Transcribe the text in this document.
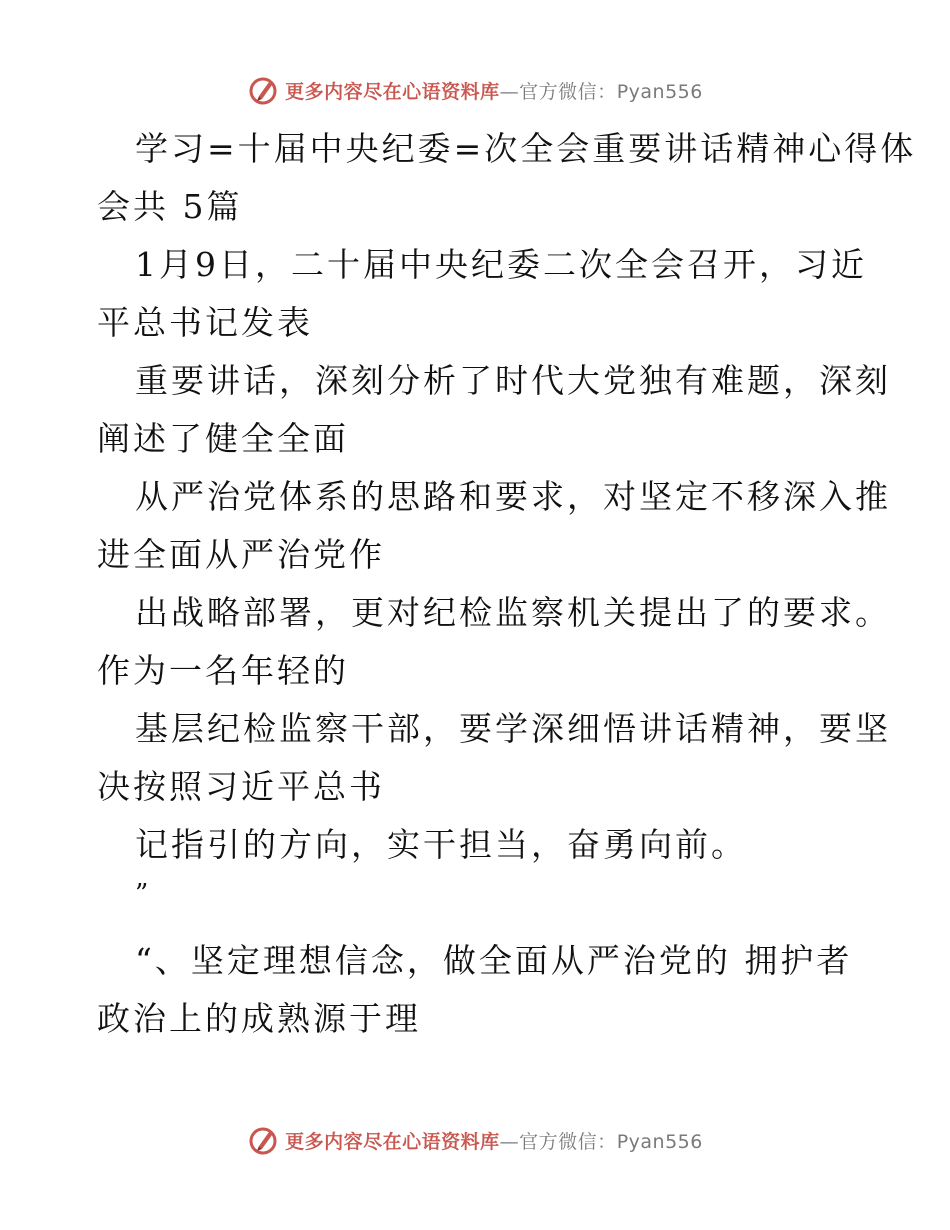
更多内容尽在心语资料库—官方微信：Pyan556
学习=十届中央纪委=次全会重要讲话精神心得体
会共 5篇
1月9日，二十届中央纪委二次全会召开，习近
平总书记发表
重要讲话，深刻分析了时代大党独有难题，深刻
阐述了健全全面
从严治党体系的思路和要求，对坚定不移深入推
进全面从严治党作
出战略部署，更对纪检监察机关提出了的要求。
作为一名年轻的
基层纪检监察干部，要学深细悟讲话精神，要坚
决按照习近平总书
记指引的方向，实干担当，奋勇向前。
”
“、坚定理想信念，做全面从严治党的 拥护者
政治上的成熟源于理
更多内容尽在心语资料库—官方微信：Pyan556
